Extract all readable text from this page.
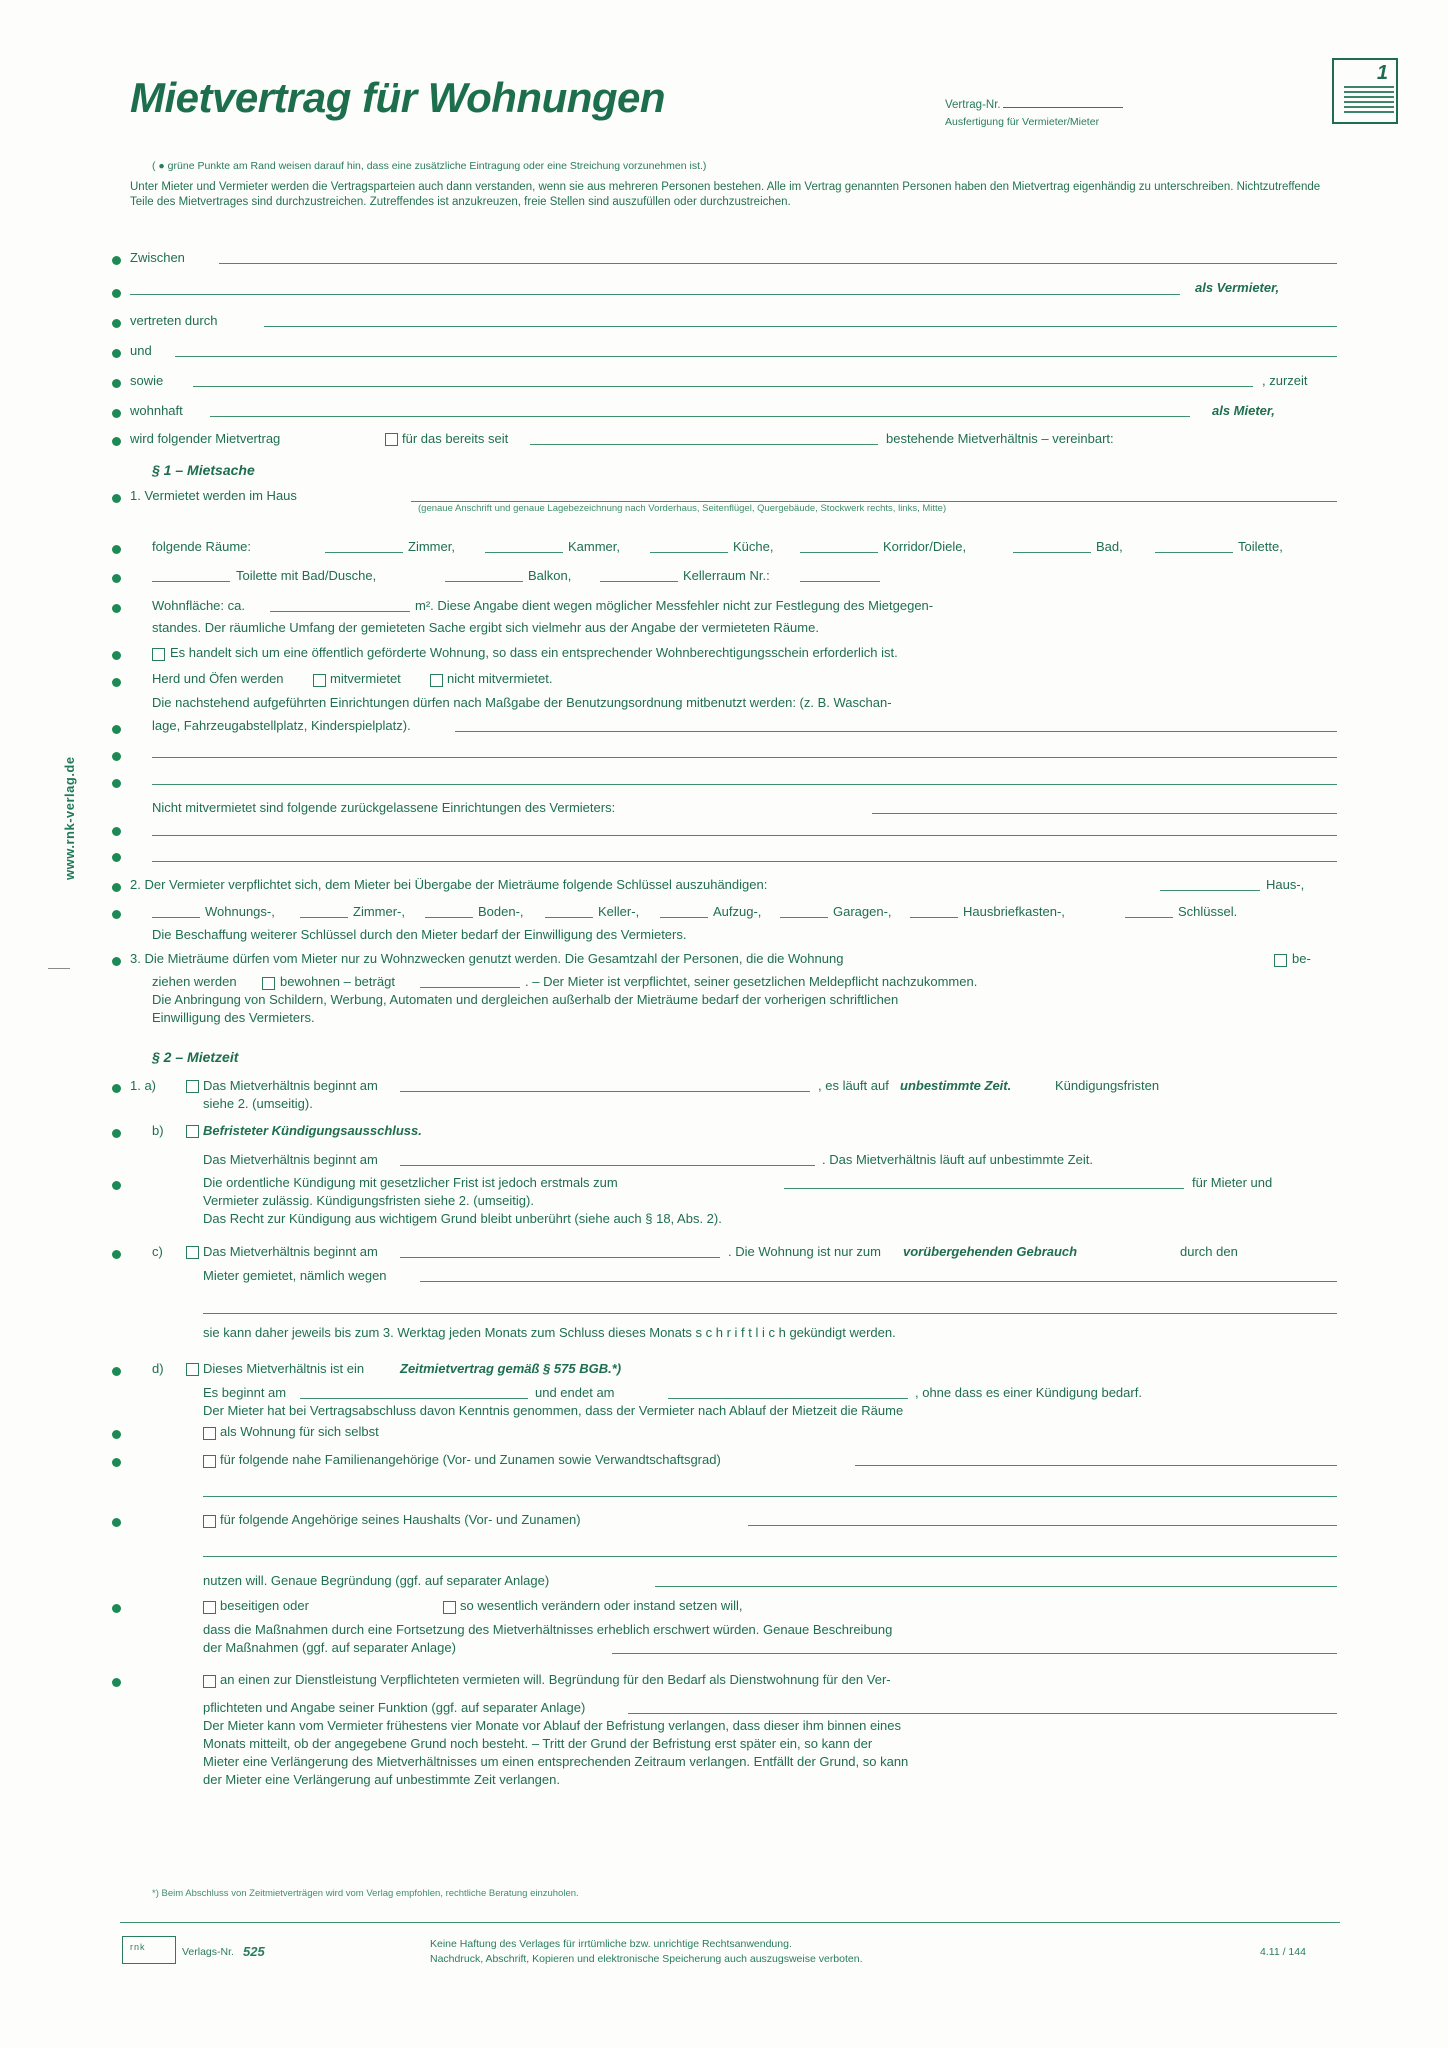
www.rnk-verlag.de
Mietvertrag für Wohnungen	Vertrag-Nr.
Ausfertigung für Vermieter/Mieter
1
( ● grüne Punkte am Rand weisen darauf hin, dass eine zusätzliche Eintragung oder eine Streichung vorzunehmen ist.)
Unter Mieter und Vermieter werden die Vertragsparteien auch dann verstanden, wenn sie aus mehreren Personen bestehen. Alle im Vertrag genannten Personen haben den Mietvertrag eigenhändig zu unterschreiben. Nichtzutreffende Teile des Mietvertrages sind durchzustreichen. Zutreffendes ist anzukreuzen, freie Stellen sind auszufüllen oder durchzustreichen.
Zwischen
als Vermieter,
vertreten durch
und
sowie	, zurzeit
wohnhaft	als Mieter,
wird folgender Mietvertrag	für das bereits seit	bestehende Mietverhältnis – vereinbart:
§ 1 – Mietsache
1. Vermietet werden im Haus
(genaue Anschrift und genaue Lagebezeichnung nach Vorderhaus, Seitenflügel, Quergebäude, Stockwerk rechts, links, Mitte)
folgende Räume:	Zimmer,	Kammer,	Küche,	Korridor/Diele,	Bad,	Toilette,
Toilette mit Bad/Dusche,	Balkon,	Kellerraum Nr.:
Wohnfläche: ca.	m². Diese Angabe dient wegen möglicher Messfehler nicht zur Festlegung des Mietgegen-
standes. Der räumliche Umfang der gemieteten Sache ergibt sich vielmehr aus der Angabe der vermieteten Räume.
Es handelt sich um eine öffentlich geförderte Wohnung, so dass ein entsprechender Wohnberechtigungsschein erforderlich ist.
Herd und Öfen werden	mitvermietet	nicht mitvermietet.
Die nachstehend aufgeführten Einrichtungen dürfen nach Maßgabe der Benutzungsordnung mitbenutzt werden: (z. B. Waschan-
lage, Fahrzeugabstellplatz, Kinderspielplatz).
Nicht mitvermietet sind folgende zurückgelassene Einrichtungen des Vermieters:
2. Der Vermieter verpflichtet sich, dem Mieter bei Übergabe der Mieträume folgende Schlüssel auszuhändigen:	Haus-,
Wohnungs-,	Zimmer-,	Boden-,	Keller-,	Aufzug-,	Garagen-,	Hausbriefkasten-,	Schlüssel.
Die Beschaffung weiterer Schlüssel durch den Mieter bedarf der Einwilligung des Vermieters.
3. Die Mieträume dürfen vom Mieter nur zu Wohnzwecken genutzt werden. Die Gesamtzahl der Personen, die die Wohnung	be-
ziehen werden	bewohnen – beträgt	. – Der Mieter ist verpflichtet, seiner gesetzlichen Meldepflicht nachzukommen.
Die Anbringung von Schildern, Werbung, Automaten und dergleichen außerhalb der Mieträume bedarf der vorherigen schriftlichen
Einwilligung des Vermieters.
§ 2 – Mietzeit
1. a)	Das Mietverhältnis beginnt am	, es läuft auf unbestimmte Zeit.	Kündigungsfristen
siehe 2. (umseitig).
b)	Befristeter Kündigungsausschluss.
Das Mietverhältnis beginnt am	. Das Mietverhältnis läuft auf unbestimmte Zeit.
Die ordentliche Kündigung mit gesetzlicher Frist ist jedoch erstmals zum	für Mieter und
Vermieter zulässig. Kündigungsfristen siehe 2. (umseitig).
Das Recht zur Kündigung aus wichtigem Grund bleibt unberührt (siehe auch § 18, Abs. 2).
c)	Das Mietverhältnis beginnt am	. Die Wohnung ist nur zum vorübergehenden Gebrauch	durch den
Mieter gemietet, nämlich wegen
sie kann daher jeweils bis zum 3. Werktag jeden Monats zum Schluss dieses Monats s c h r i f t l i c h gekündigt werden.
d)	Dieses Mietverhältnis ist ein	Zeitmietvertrag gemäß § 575 BGB.*)
Es beginnt am	und endet am	, ohne dass es einer Kündigung bedarf.
Der Mieter hat bei Vertragsabschluss davon Kenntnis genommen, dass der Vermieter nach Ablauf der Mietzeit die Räume
als Wohnung für sich selbst
für folgende nahe Familienangehörige (Vor- und Zunamen sowie Verwandtschaftsgrad)
für folgende Angehörige seines Haushalts (Vor- und Zunamen)
nutzen will. Genaue Begründung (ggf. auf separater Anlage)
beseitigen oder	so wesentlich verändern oder instand setzen will,
dass die Maßnahmen durch eine Fortsetzung des Mietverhältnisses erheblich erschwert würden. Genaue Beschreibung
der Maßnahmen (ggf. auf separater Anlage)
an einen zur Dienstleistung Verpflichteten vermieten will. Begründung für den Bedarf als Dienstwohnung für den Ver-
pflichteten und Angabe seiner Funktion (ggf. auf separater Anlage)
Der Mieter kann vom Vermieter frühestens vier Monate vor Ablauf der Befristung verlangen, dass dieser ihm binnen eines
Monats mitteilt, ob der angegebene Grund noch besteht. – Tritt der Grund der Befristung erst später ein, so kann der
Mieter eine Verlängerung des Mietverhältnisses um einen entsprechenden Zeitraum verlangen. Entfällt der Grund, so kann
der Mieter eine Verlängerung auf unbestimmte Zeit verlangen.
*) Beim Abschluss von Zeitmietverträgen wird vom Verlag empfohlen, rechtliche Beratung einzuholen.
rnk	Verlags-Nr. 525	Keine Haftung des Verlages für irrtümliche bzw. unrichtige Rechtsanwendung.
Nachdruck, Abschrift, Kopieren und elektronische Speicherung auch auszugsweise verboten.
4.11 / 144
